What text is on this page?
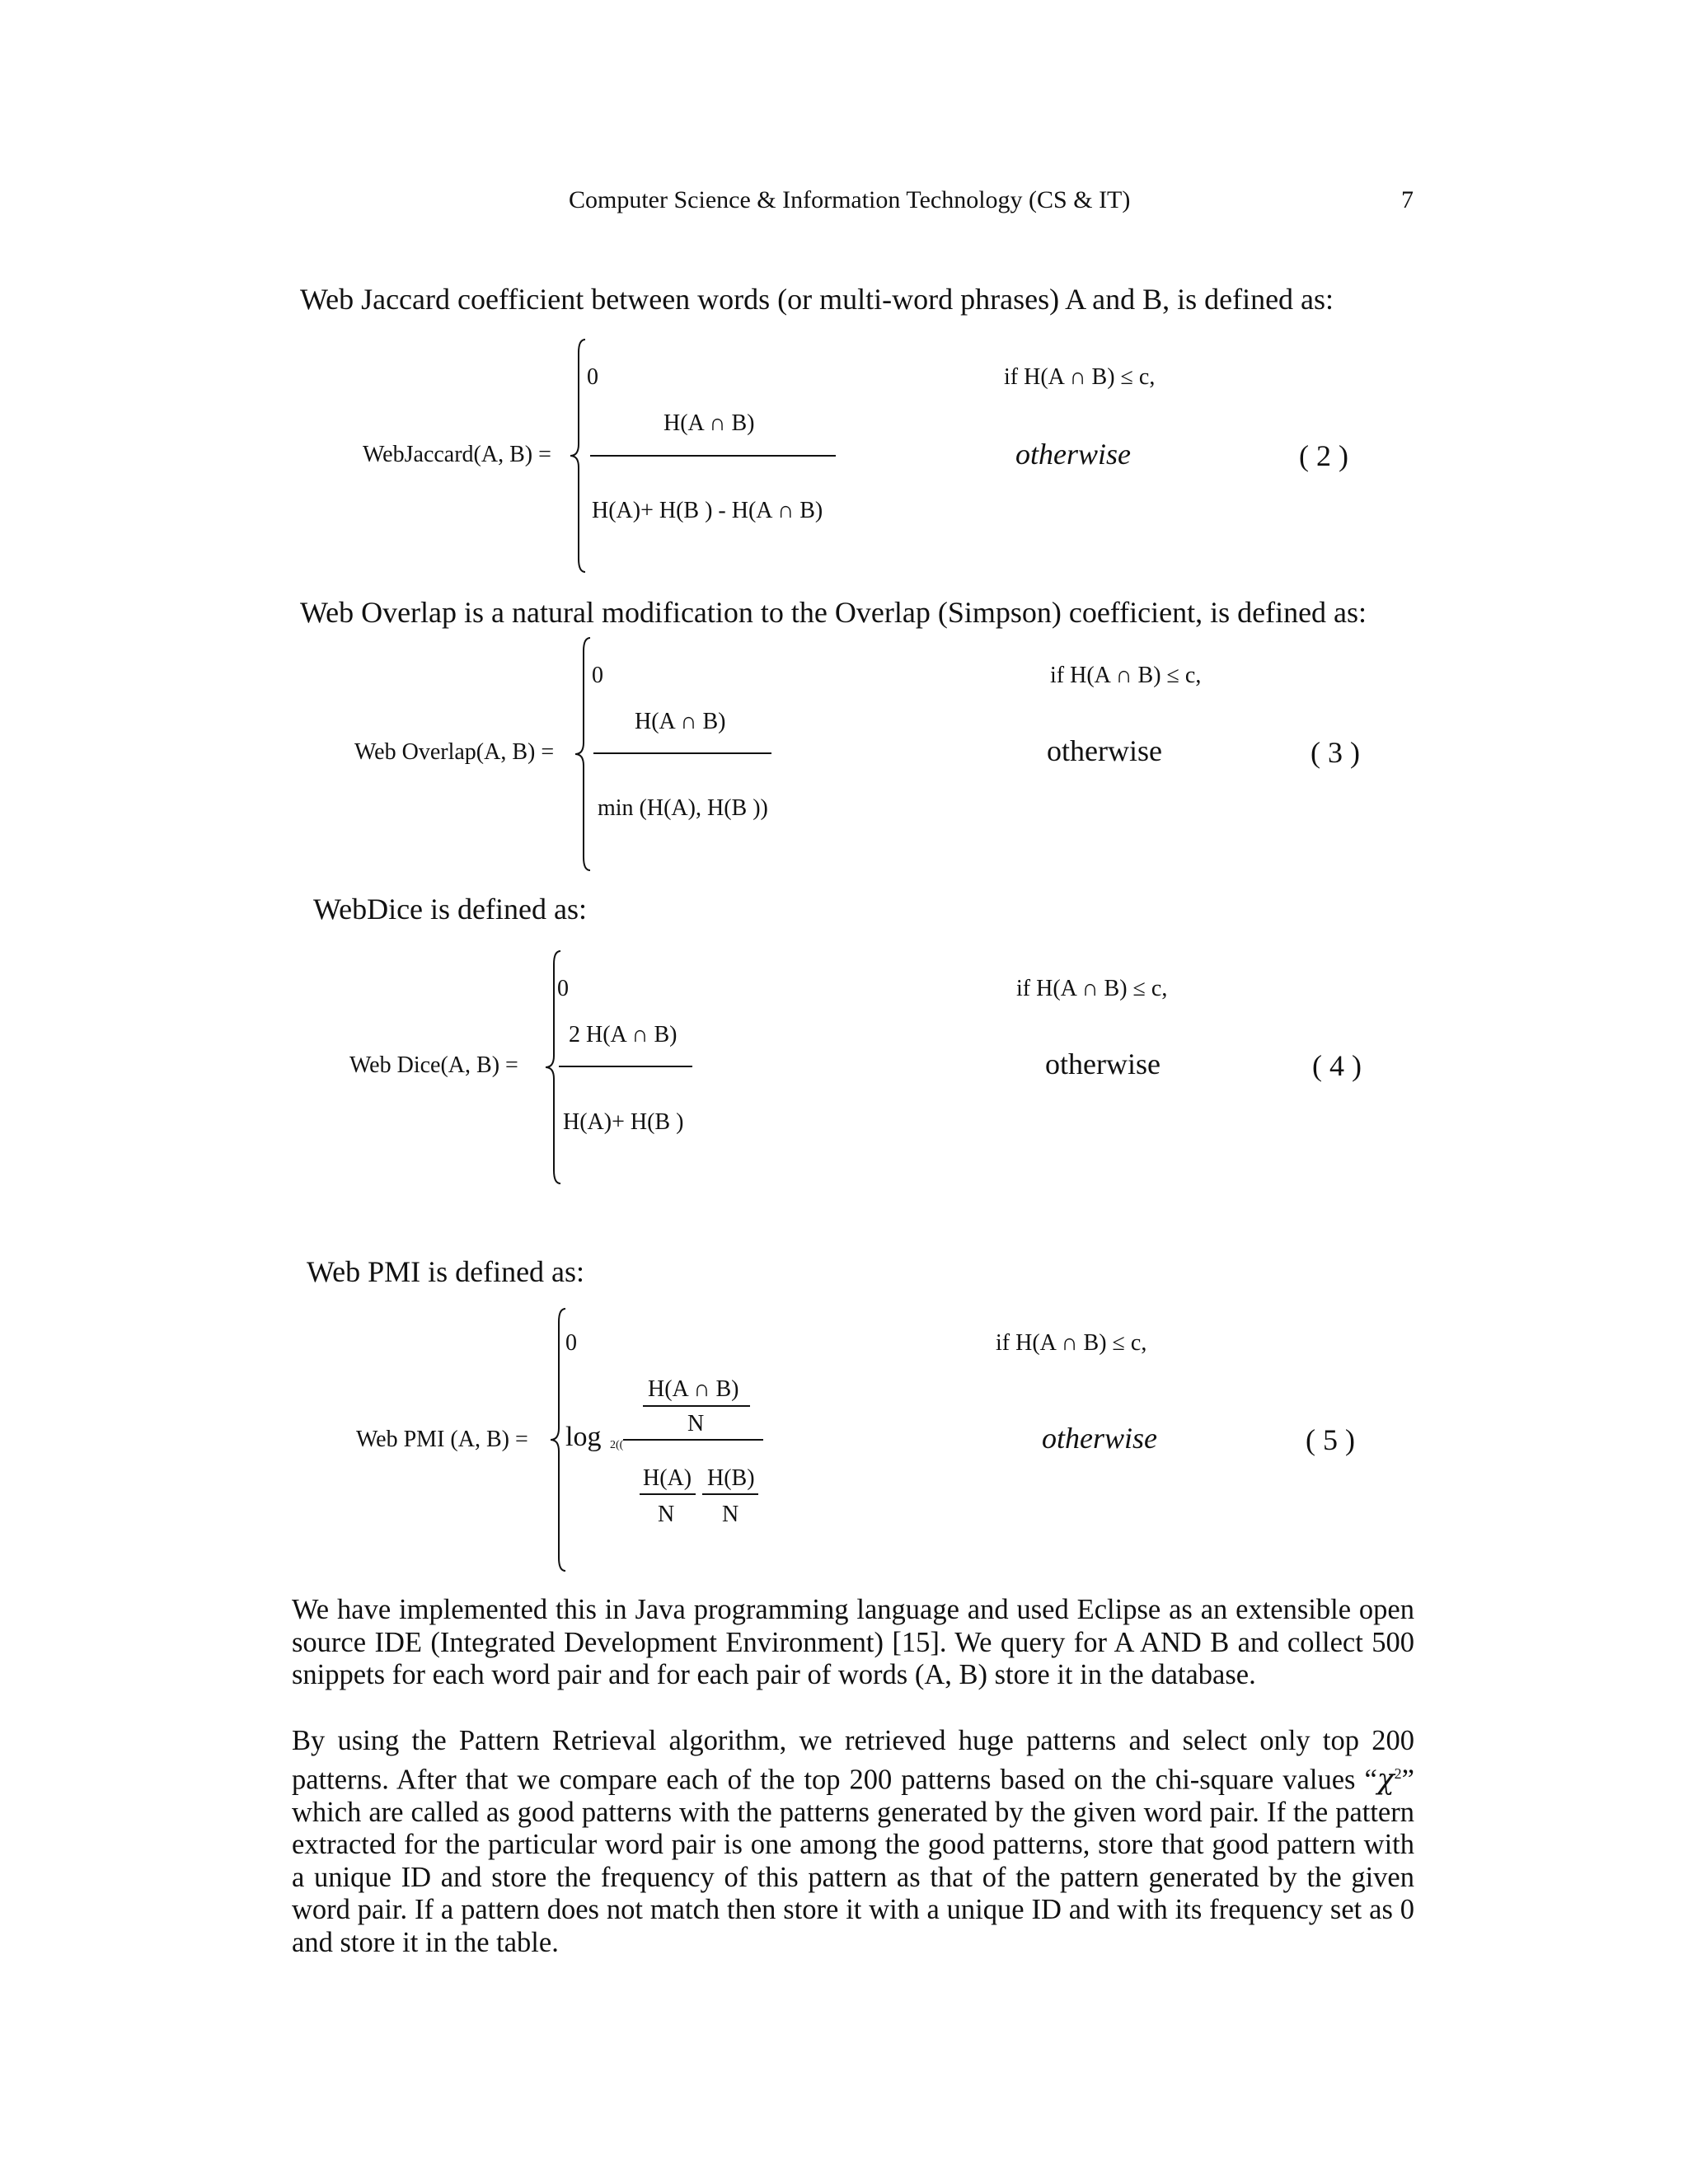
Computer Science & Information Technology (CS & IT)	7
Web Jaccard coefficient between words (or multi-word phrases) A and B, is defined as:
WebJaccard(A, B) =
0	if H(A ∩ B) ≤ c,
H(A ∩ B)
H(A)+ H(B ) - H(A ∩ B)
otherwise	( 2 )
Web Overlap is a natural modification to the Overlap (Simpson) coefficient, is defined as:
Web Overlap(A, B) =
0	if H(A ∩ B) ≤ c,
H(A ∩ B)
min (H(A), H(B ))
otherwise	( 3 )
WebDice is defined as:
Web Dice(A, B) =
0	if H(A ∩ B) ≤ c,
2 H(A ∩ B)
H(A)+ H(B )
otherwise	( 4 )
Web PMI is defined as:
Web PMI (A, B) =
0	if H(A ∩ B) ≤ c,
log 2((
H(A ∩ B)
N
H(A) H(B)
N N
otherwise	( 5 )

We have implemented this in Java programming language and used Eclipse as an extensible open source IDE (Integrated Development Environment) [15]. We query for A AND B and collect 500 snippets for each word pair and for each pair of words (A, B) store it in the database.

By using the Pattern Retrieval algorithm, we retrieved huge patterns and select only top 200 patterns. After that we compare each of the top 200 patterns based on the chi-square values “$\chi^2$” which are called as good patterns with the patterns generated by the given word pair. If the pattern extracted for the particular word pair is one among the good patterns, store that good pattern with a unique ID and store the frequency of this pattern as that of the pattern generated by the given word pair. If a pattern does not match then store it with a unique ID and with its frequency set as 0 and store it in the table.
